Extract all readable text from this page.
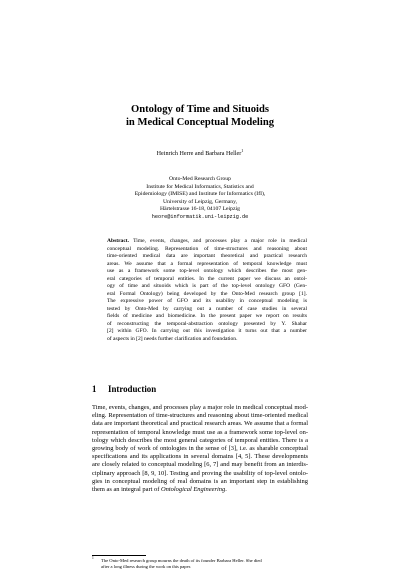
Ontology of Time and Situoids
in Medical Conceptual Modeling
Heinrich Herre and Barbara Heller$^1$
Onto-Med Research Group
Institute for Medical Informatics, Statistics and
Epidemiology (IMISE) and Institute for Informatics (IfI),
University of Leipzig, Germany,
Härtelstrasse 16-18, 04107 Leipzig
heore@informatik.uni-leipzig.de
Abstract. Time, events, changes, and processes play a major role in medical
conceptual modeling. Representation of time-structures and reasoning about
time-oriented medical data are important theoretical and practical research
areas. We assume that a formal representation of temporal knowledge must
use as a framework some top-level ontology which describes the most gen-
eral categories of temporal entities. In the current paper we discuss an ontol-
ogy of time and situoids which is part of the top-level ontology GFO (Gen-
eral Formal Ontology) being developed by the Onto-Med research group [1].
The expressive power of GFO and its usability in conceptual modeling is
tested by Onto-Med by carrying out a number of case studies in several
fields of medicine and biomedicine. In the present paper we report on results
of reconstructing the temporal-abstraction ontology presented by Y. Shahar
[2] within GFO. In carrying out this investigation it turns out that a number
of aspects in [2] needs further clarification and foundation.
1 Introduction
Time, events, changes, and processes play a major role in medical conceptual mod-
eling. Representation of time-structures and reasoning about time-oriented medical
data are important theoretical and practical research areas. We assume that a formal
representation of temporal knowledge must use as a framework some top-level on-
tology which describes the most general categories of temporal entities. There is a
growing body of work of ontologies in the sense of [3], i.e. as sharable conceptual
specifications and its applications in several domains [4, 5]. These developments
are closely related to conceptual modeling [6, 7] and may benefit from an interdis-
ciplinary approach [8, 9, 10]. Testing and proving the usability of top-level ontolo-
gies in conceptual modeling of real domains is an important step in establishing
them as an integral part of Ontological Engineering.
1 The Onto-Med research group mourns the death of its founder Barbara Heller. She died
after a long illness during the work on this paper.
